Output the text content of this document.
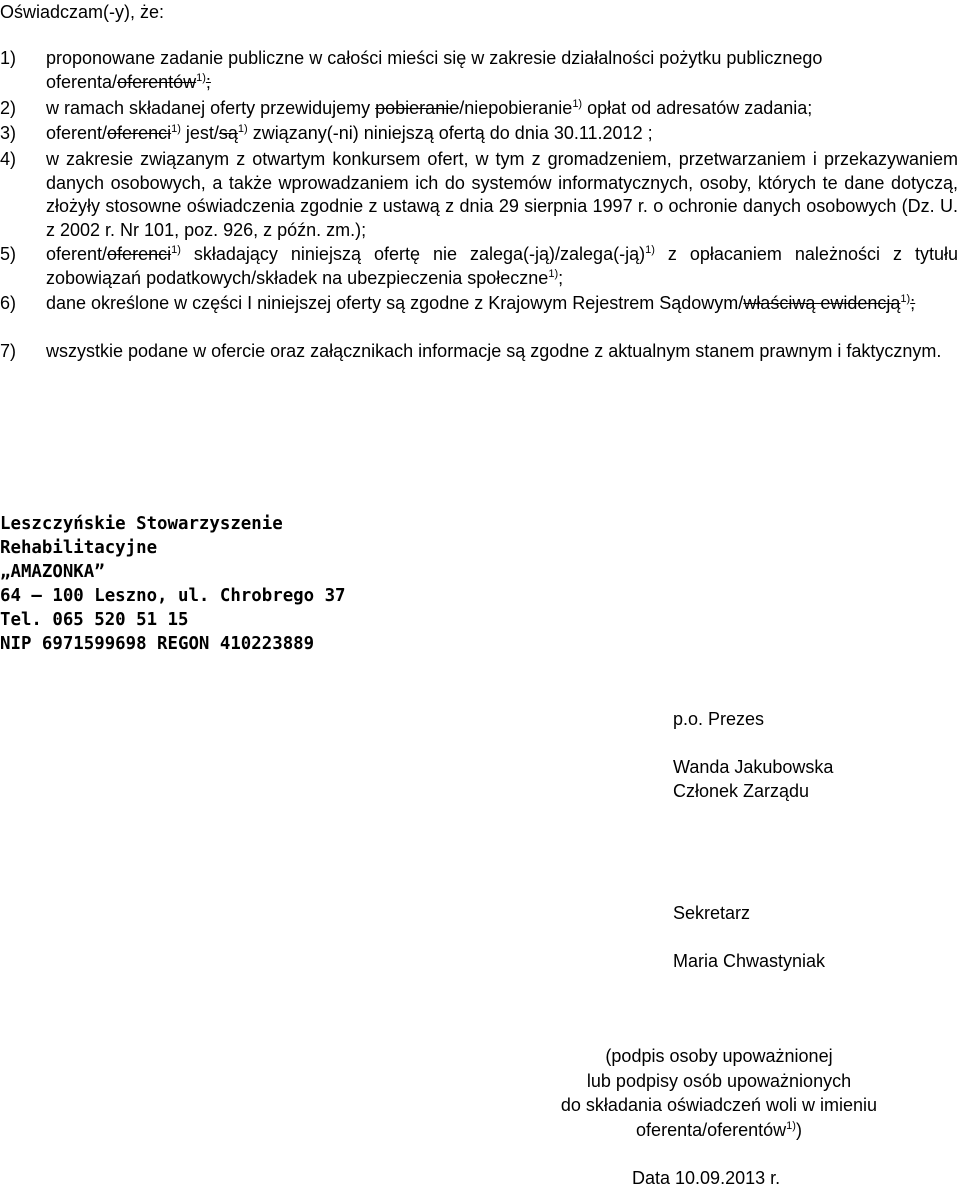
Oświadczam(-y), że:
1) proponowane zadanie publiczne w całości mieści się w zakresie działalności pożytku publicznego oferenta/oferentów$^{1)}$;
2) w ramach składanej oferty przewidujemy pobieranie/niepobieranie$^{1)}$ opłat od adresatów zadania;
3) oferent/oferenci$^{1)}$ jest/$są^{1)}$ związany(-ni) niniejszą ofertą do dnia 30.11.2012 ;
4) w zakresie związanym z otwartym konkursem ofert, w tym z gromadzeniem, przetwarzaniem i przekazywaniem danych osobowych, a także wprowadzaniem ich do systemów informatycznych, osoby, których te dane dotyczą, złożyły stosowne oświadczenia zgodnie z ustawą z dnia 29 sierpnia 1997 r. o ochronie danych osobowych (Dz. U. z 2002 r. Nr 101, poz. 926, z późn. zm.);
5) oferent/oferenci$^{1)}$ składający niniejszą ofertę nie zalega(-ją)/zalega(-ją)$^{1)}$ z opłacaniem należności z tytułu zobowiązań podatkowych/składek na ubezpieczenia społeczne$^{1)}$;
6) dane określone w części I niniejszej oferty są zgodne z Krajowym Rejestrem Sądowym/właściwą ewidencją$^{1)}$;
7) wszystkie podane w ofercie oraz załącznikach informacje są zgodne z aktualnym stanem prawnym i faktycznym.
Leszczyńskie Stowarzyszenie
Rehabilitacyjne
„AMAZONKA”
64 – 100 Leszno, ul. Chrobrego 37
Tel. 065 520 51 15
NIP 6971599698 REGON 410223889
p.o. Prezes
Wanda Jakubowska
Członek Zarządu
Sekretarz
Maria Chwastyniak
(podpis osoby upoważnionej
lub podpisy osób upoważnionych
do składania oświadczeń woli w imieniu
oferenta/oferentów$^{1)}$)
Data 10.09.2013 r.
